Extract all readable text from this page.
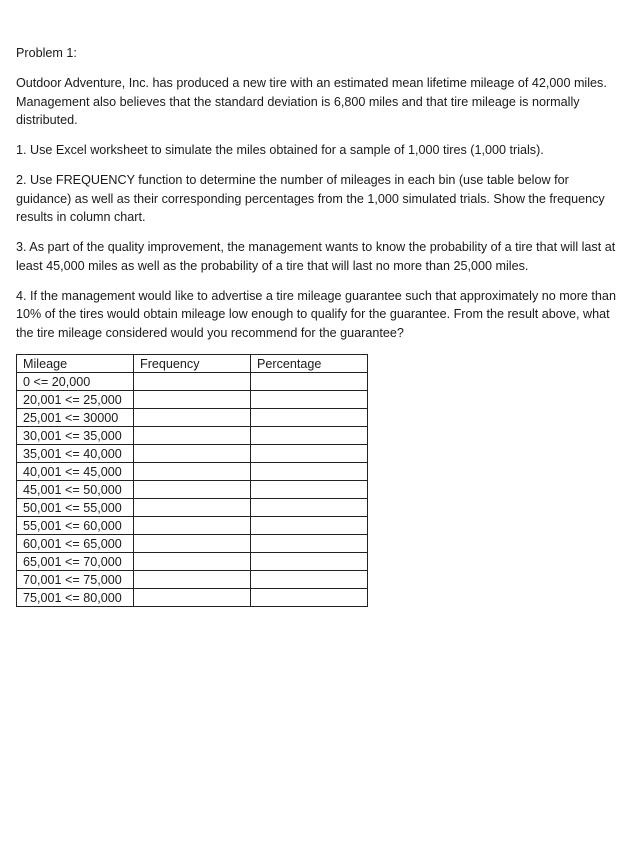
Problem 1:

Outdoor Adventure, Inc. has produced a new tire with an estimated mean lifetime mileage of 42,000 miles. Management also believes that the standard deviation is 6,800 miles and that tire mileage is normally distributed.

1. Use Excel worksheet to simulate the miles obtained for a sample of 1,000 tires (1,000 trials).

2. Use FREQUENCY function to determine the number of mileages in each bin (use table below for guidance) as well as their corresponding percentages from the 1,000 simulated trials. Show the frequency results in column chart.

3. As part of the quality improvement, the management wants to know the probability of a tire that will last at least 45,000 miles as well as the probability of a tire that will last no more than 25,000 miles.

4. If the management would like to advertise a tire mileage guarantee such that approximately no more than 10% of the tires would obtain mileage low enough to qualify for the guarantee. From the result above, what the tire mileage considered would you recommend for the guarantee?

Mileage	Frequency	Percentage
0 <= 20,000		
20,001 <= 25,000		
25,001 <= 30000		
30,001 <= 35,000		
35,001 <= 40,000		
40,001 <= 45,000		
45,001 <= 50,000		
50,001 <= 55,000		
55,001 <= 60,000		
60,001 <= 65,000		
65,001 <= 70,000		
70,001 <= 75,000		
75,001 <= 80,000		
